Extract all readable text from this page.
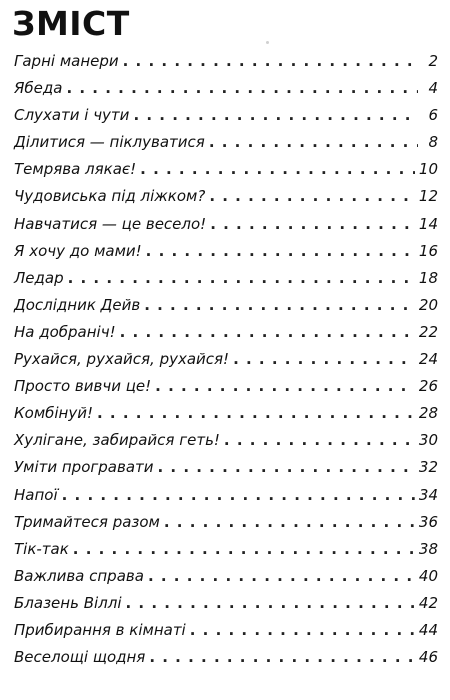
ЗМІСТ
Гарні манери . . .	2
Ябеда . . .	4
Слухати і чути . . .	6
Ділитися — піклуватися . . .	8
Темрява лякає! . . .	10
Чудовиська під ліжком? . . .	12
Навчатися — це весело! . . .	14
Я хочу до мами! . . .	16
Ледар . . .	18
Дослідник Дейв . . .	20
На добраніч! . . .	22
Рухайся, рухайся, рухайся! . . .	24
Просто вивчи це! . . .	26
Комбінуй! . . .	28
Хулігане, забирайся геть! . . .	30
Уміти програвати . . .	32
Напої . . .	34
Тримайтеся разом . . .	36
Тік-так . . .	38
Важлива справа . . .	40
Блазень Віллі . . .	42
Прибирання в кімнаті . . .	44
Веселощі щодня . . .	46
